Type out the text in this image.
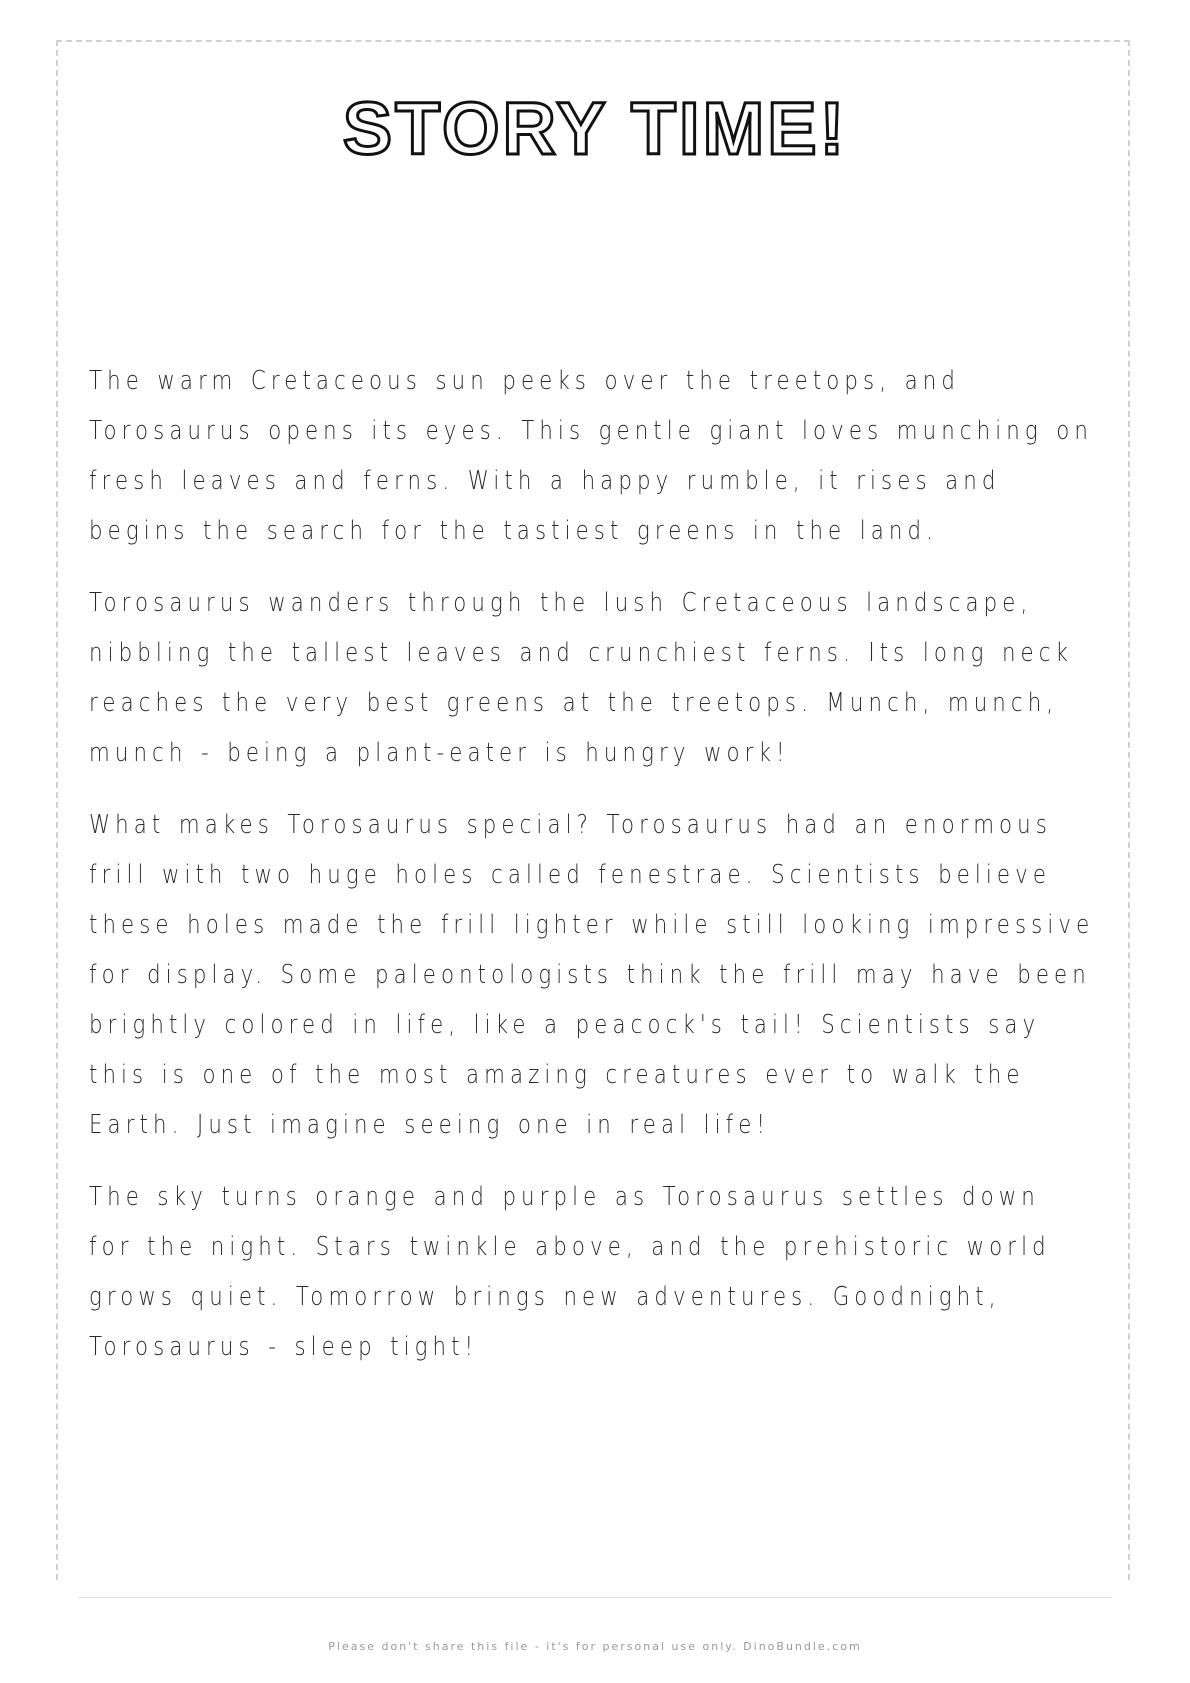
STORY TIME!

The warm Cretaceous sun peeks over the treetops, and Torosaurus opens its eyes. This gentle giant loves munching on fresh leaves and ferns. With a happy rumble, it rises and begins the search for the tastiest greens in the land.

Torosaurus wanders through the lush Cretaceous landscape, nibbling the tallest leaves and crunchiest ferns. Its long neck reaches the very best greens at the treetops. Munch, munch, munch - being a plant-eater is hungry work!

What makes Torosaurus special? Torosaurus had an enormous frill with two huge holes called fenestrae. Scientists believe these holes made the frill lighter while still looking impressive for display. Some paleontologists think the frill may have been brightly colored in life, like a peacock's tail! Scientists say this is one of the most amazing creatures ever to walk the Earth. Just imagine seeing one in real life!

The sky turns orange and purple as Torosaurus settles down for the night. Stars twinkle above, and the prehistoric world grows quiet. Tomorrow brings new adventures. Goodnight, Torosaurus - sleep tight!

Please don't share this file - it's for personal use only. DinoBundle.com
